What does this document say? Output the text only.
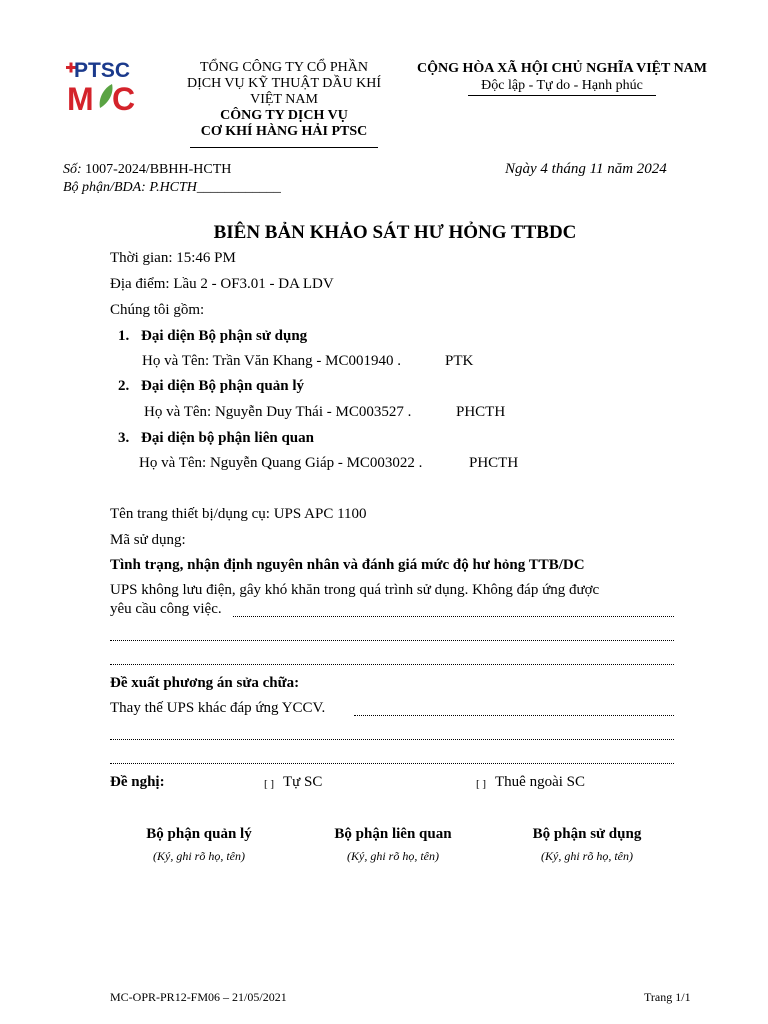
PTSC
M C
TỔNG CÔNG TY CỔ PHẦN
DỊCH VỤ KỸ THUẬT DẦU KHÍ
VIỆT NAM
CÔNG TY DỊCH VỤ
CƠ KHÍ HÀNG HẢI PTSC
CỘNG HÒA XÃ HỘI CHỦ NGHĨA VIỆT NAM
Độc lập - Tự do - Hạnh phúc
Số: 1007-2024/BBHH-HCTH
Bộ phận/BDA: P.HCTH____________
Ngày 4 tháng 11 năm 2024
BIÊN BẢN KHẢO SÁT HƯ HỎNG TTBDC
Thời gian: 15:46 PM
Địa điểm: Lầu 2 - OF3.01 - DA LDV
Chúng tôi gồm:
1. Đại diện Bộ phận sử dụng
Họ và Tên: Trần Văn Khang - MC001940 .	PTK
2. Đại diện Bộ phận quản lý
Họ và Tên: Nguyễn Duy Thái - MC003527 .	PHCTH
3. Đại diện bộ phận liên quan
Họ và Tên: Nguyễn Quang Giáp - MC003022 .	PHCTH
Tên trang thiết bị/dụng cụ: UPS APC 1100
Mã sử dụng:
Tình trạng, nhận định nguyên nhân và đánh giá mức độ hư hỏng TTB/DC
UPS không lưu điện, gây khó khăn trong quá trình sử dụng. Không đáp ứng được
yêu cầu công việc.
Đề xuất phương án sửa chữa:
Thay thế UPS khác đáp ứng YCCV.
Đề nghị:	[ ] Tự SC	[ ] Thuê ngoài SC
Bộ phận quản lý
(Ký, ghi rõ họ, tên)
Bộ phận liên quan
(Ký, ghi rõ họ, tên)
Bộ phận sử dụng
(Ký, ghi rõ họ, tên)
MC-OPR-PR12-FM06 – 21/05/2021	Trang 1/1
